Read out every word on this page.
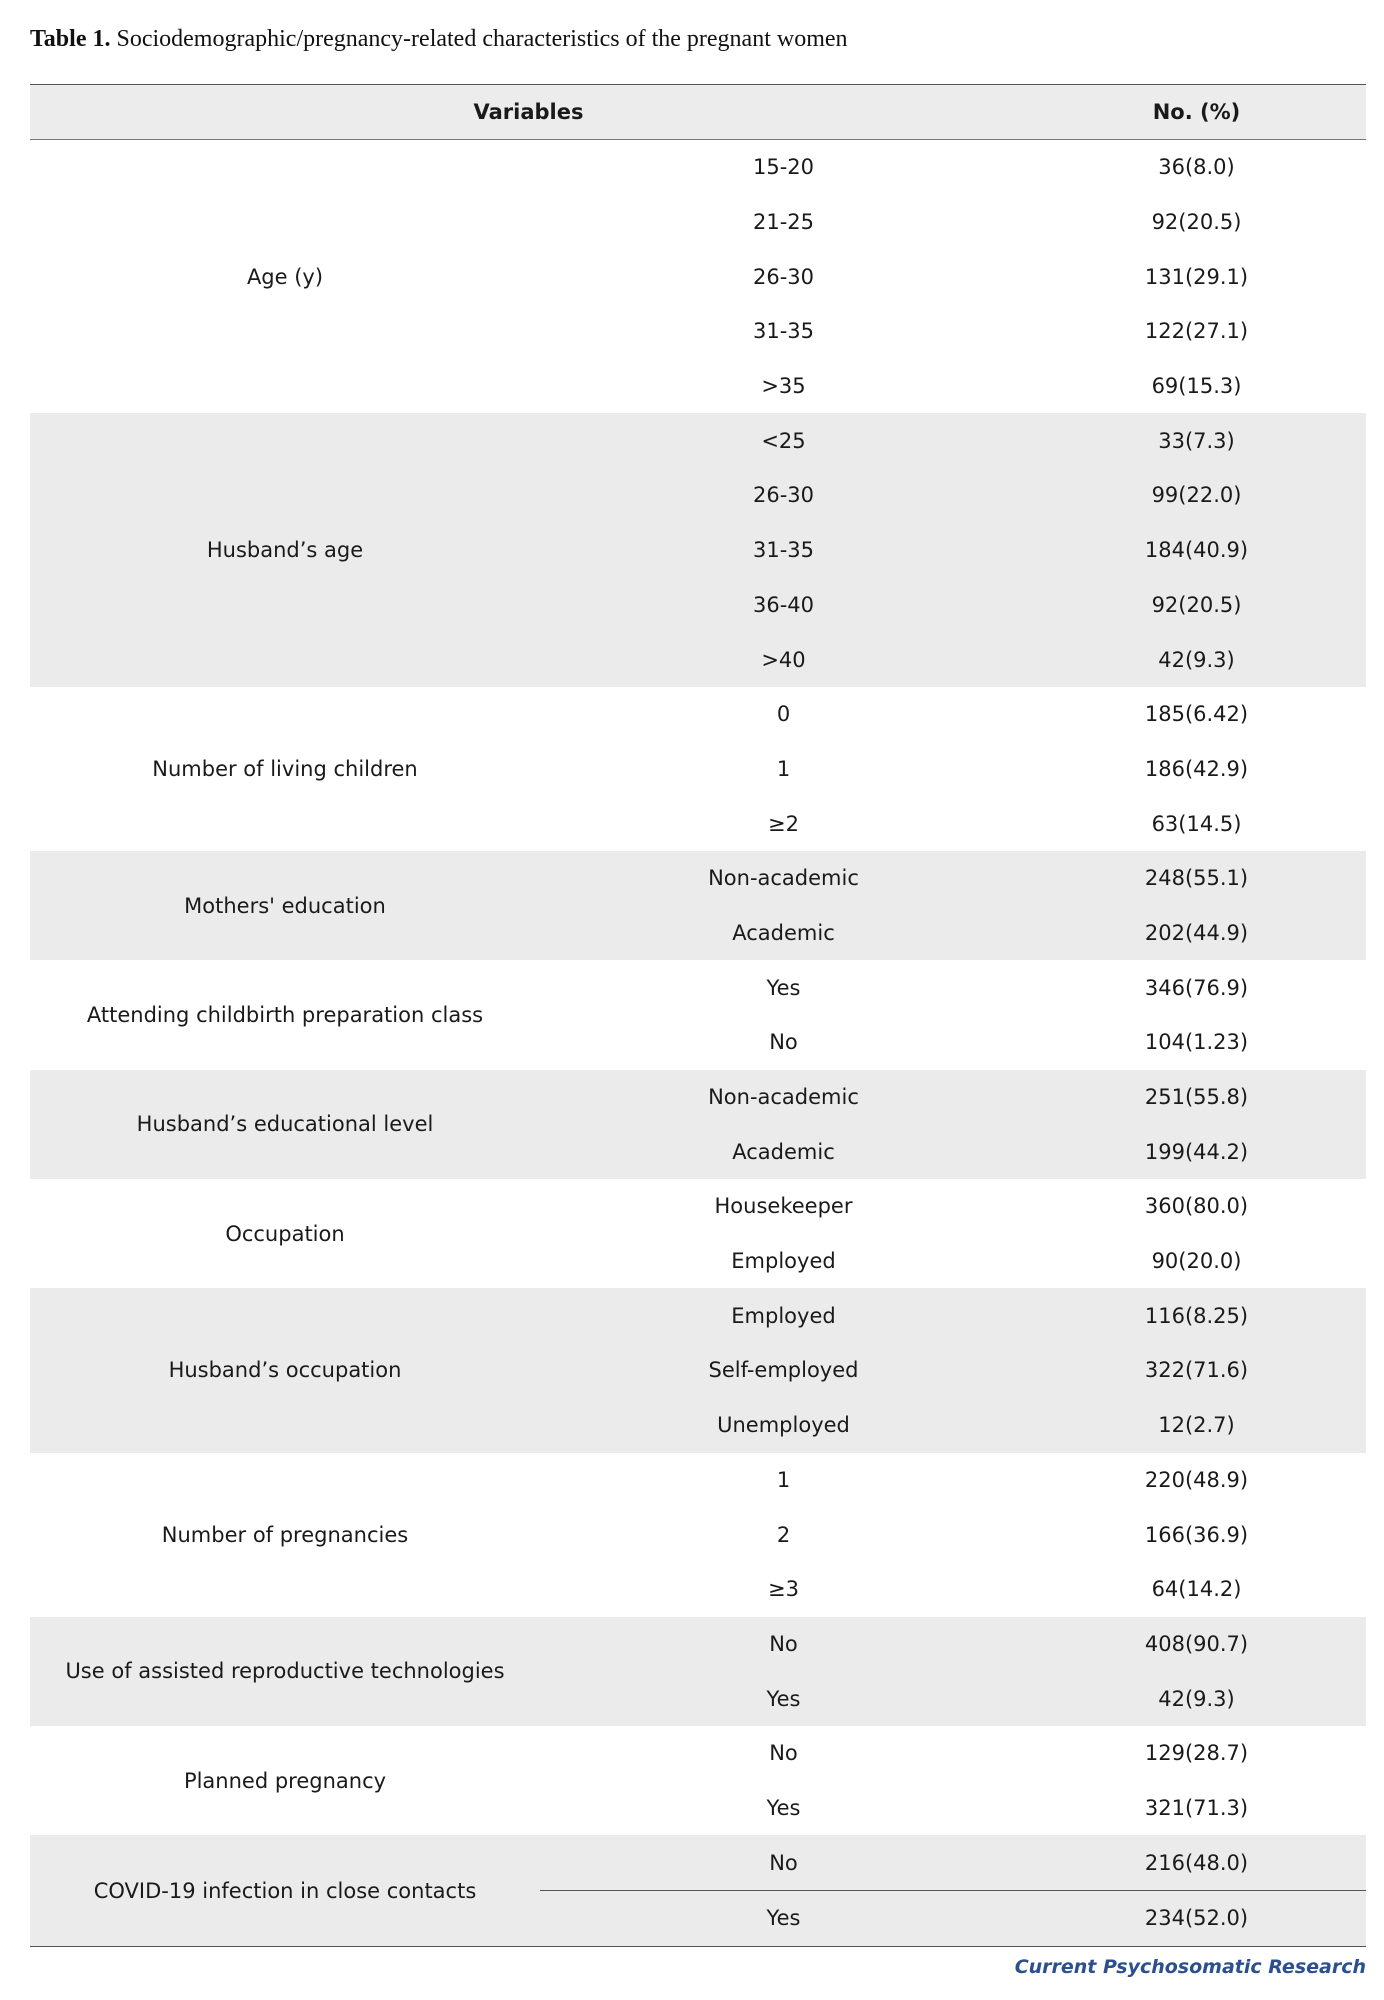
Table 1. Sociodemographic/pregnancy-related characteristics of the pregnant women
Variables		No. (%)
Age (y)	15-20	36(8.0)
	21-25	92(20.5)
	26-30	131(29.1)
	31-35	122(27.1)
	>35	69(15.3)
Husband’s age	<25	33(7.3)
	26-30	99(22.0)
	31-35	184(40.9)
	36-40	92(20.5)
	>40	42(9.3)
Number of living children	0	185(6.42)
	1	186(42.9)
	≥2	63(14.5)
Mothers' education	Non-academic	248(55.1)
	Academic	202(44.9)
Attending childbirth preparation class	Yes	346(76.9)
	No	104(1.23)
Husband’s educational level	Non-academic	251(55.8)
	Academic	199(44.2)
Occupation	Housekeeper	360(80.0)
	Employed	90(20.0)
Husband’s occupation	Employed	116(8.25)
	Self-employed	322(71.6)
	Unemployed	12(2.7)
Number of pregnancies	1	220(48.9)
	2	166(36.9)
	≥3	64(14.2)
Use of assisted reproductive technologies	No	408(90.7)
	Yes	42(9.3)
Planned pregnancy	No	129(28.7)
	Yes	321(71.3)
COVID-19 infection in close contacts	No	216(48.0)
	Yes	234(52.0)
Current Psychosomatic Research
